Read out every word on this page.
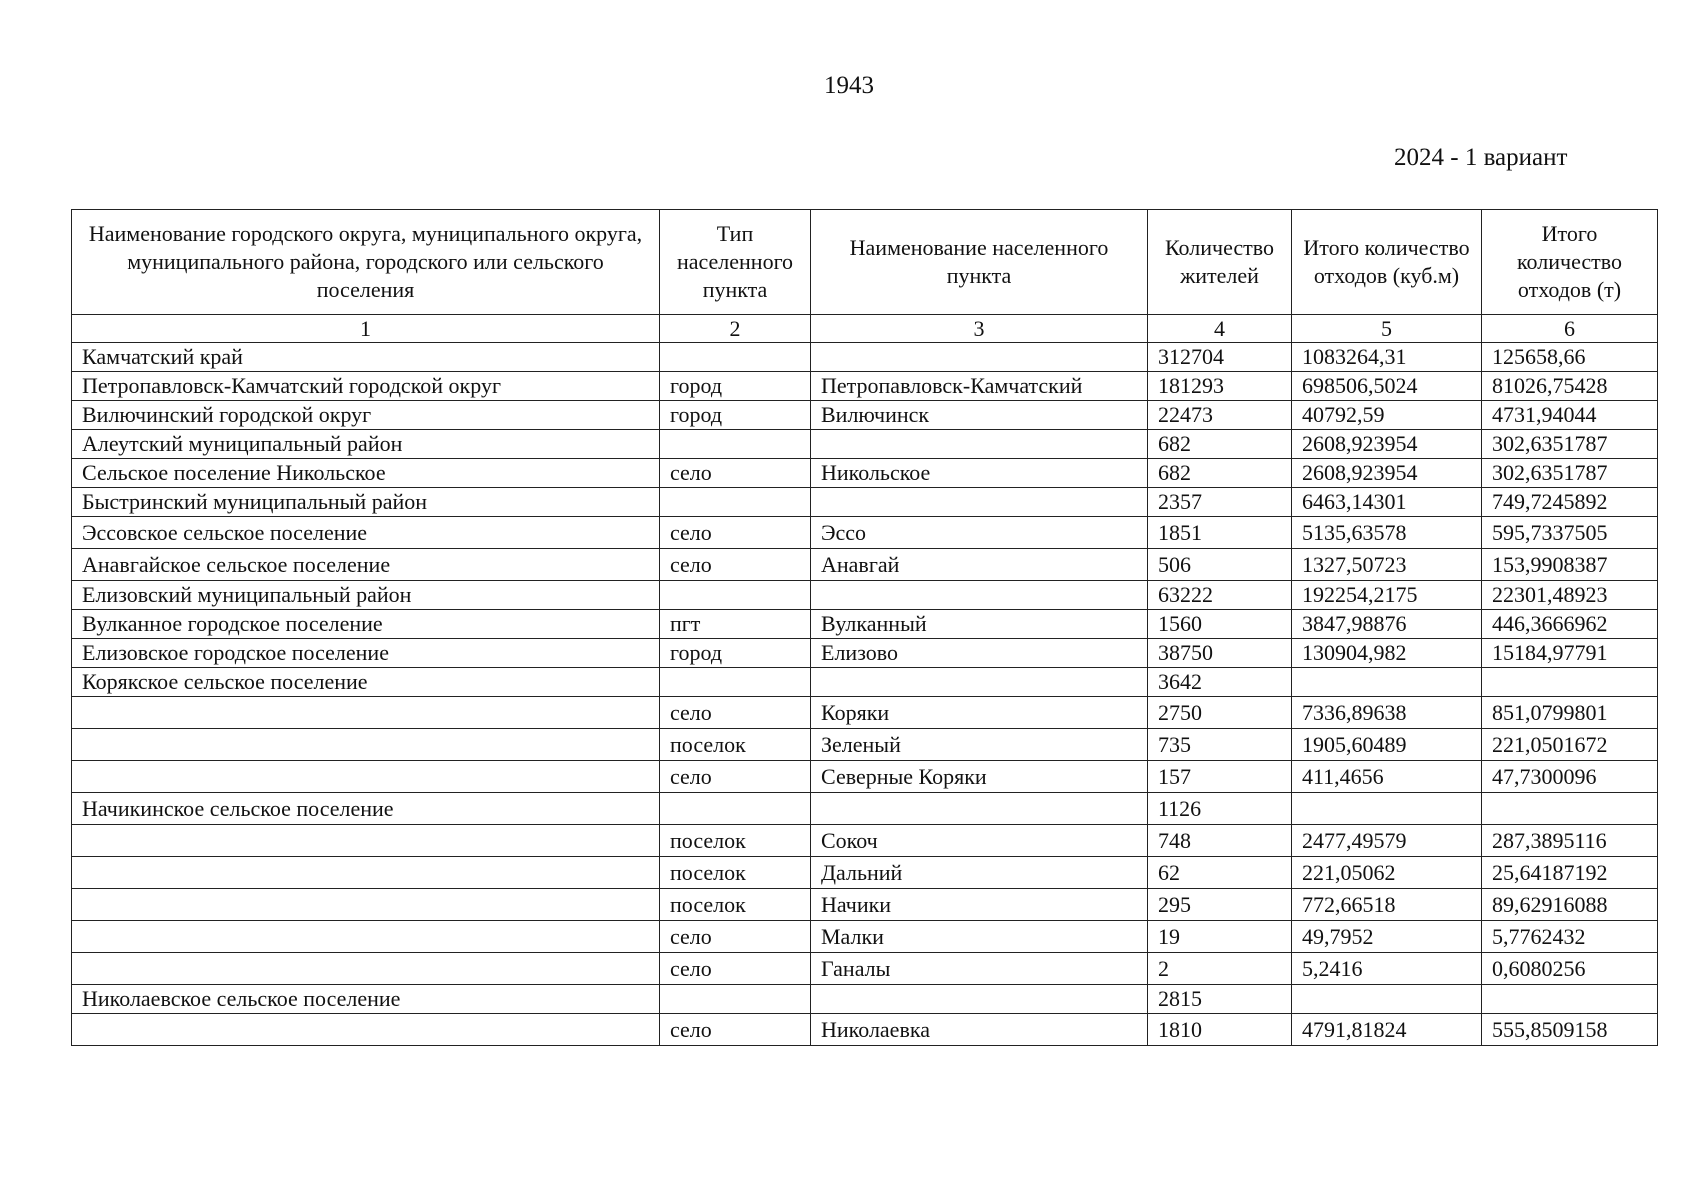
1943
2024 - 1 вариант
Наименование городского округа, муниципального округа, муниципального района, городского или сельского поселения	Тип населенного пункта	Наименование населенного пункта	Количество жителей	Итого количество отходов (куб.м)	Итого количество отходов (т)
1	2	3	4	5	6
Камчатский край			312704	1083264,31	125658,66
Петропавловск-Камчатский городской округ	город	Петропавловск-Камчатский	181293	698506,5024	81026,75428
Вилючинский городской округ	город	Вилючинск	22473	40792,59	4731,94044
Алеутский муниципальный район			682	2608,923954	302,6351787
Сельское поселение Никольское	село	Никольское	682	2608,923954	302,6351787
Быстринский муниципальный район			2357	6463,14301	749,7245892
Эссовское сельское поселение	село	Эссо	1851	5135,63578	595,7337505
Анавгайское сельское поселение	село	Анавгай	506	1327,50723	153,9908387
Елизовский муниципальный район			63222	192254,2175	22301,48923
Вулканное городское поселение	пгт	Вулканный	1560	3847,98876	446,3666962
Елизовское городское поселение	город	Елизово	38750	130904,982	15184,97791
Корякское сельское поселение			3642		
	село	Коряки	2750	7336,89638	851,0799801
	поселок	Зеленый	735	1905,60489	221,0501672
	село	Северные Коряки	157	411,4656	47,7300096
Начикинское сельское поселение			1126		
	поселок	Сокоч	748	2477,49579	287,3895116
	поселок	Дальний	62	221,05062	25,64187192
	поселок	Начики	295	772,66518	89,62916088
	село	Малки	19	49,7952	5,7762432
	село	Ганалы	2	5,2416	0,6080256
Николаевское сельское поселение			2815		
	село	Николаевка	1810	4791,81824	555,8509158
